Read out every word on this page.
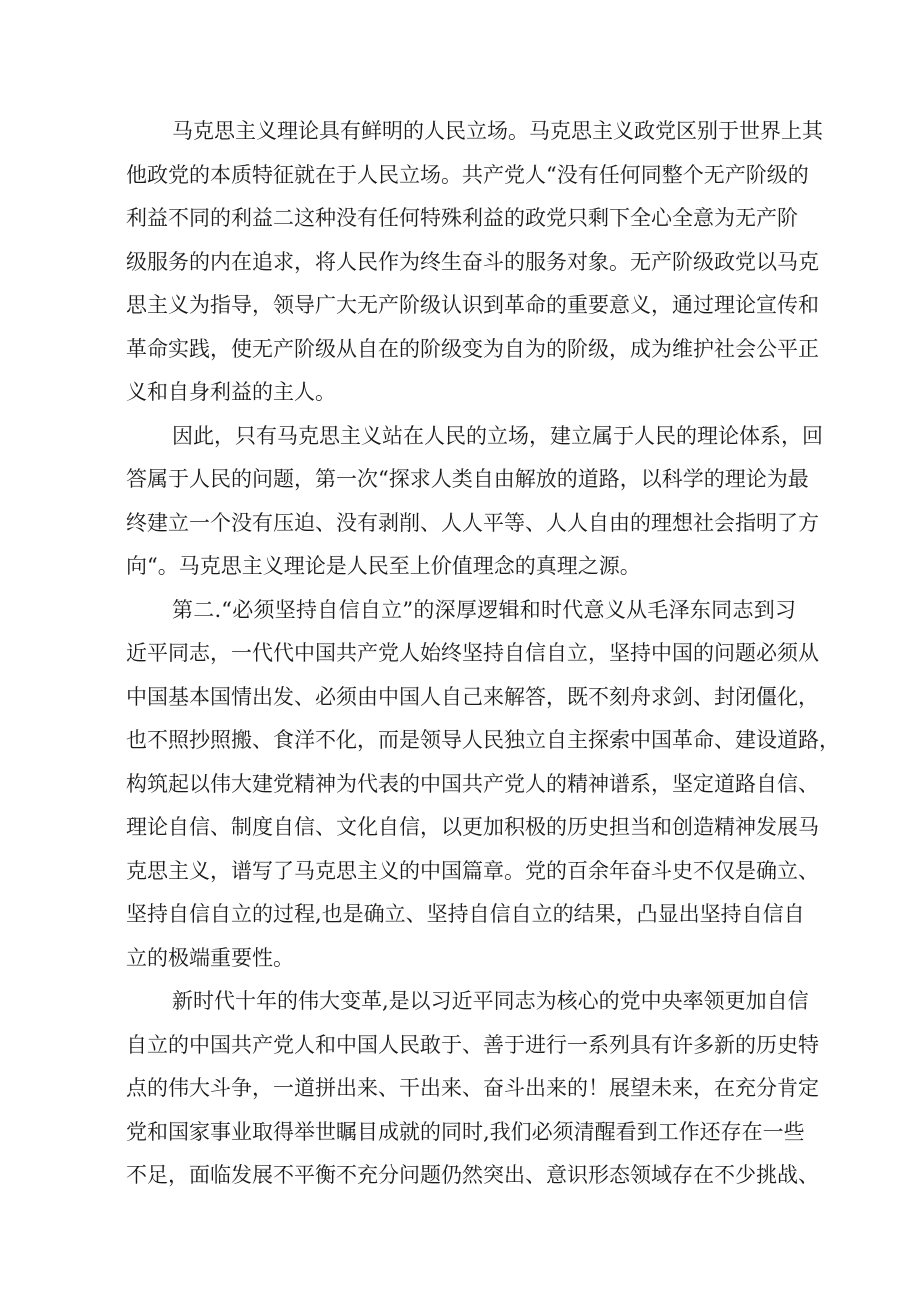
马克思主义理论具有鲜明的人民立场。马克思主义政党区别于世界上其
他政党的本质特征就在于人民立场。共产党人“没有任何同整个无产阶级的
利益不同的利益二这种没有任何特殊利益的政党只剩下全心全意为无产阶
级服务的内在追求，将人民作为终生奋斗的服务对象。无产阶级政党以马克
思主义为指导，领导广大无产阶级认识到革命的重要意义，通过理论宣传和
革命实践，使无产阶级从自在的阶级变为自为的阶级，成为维护社会公平正
义和自身利益的主人。
因此，只有马克思主义站在人民的立场，建立属于人民的理论体系，回
答属于人民的问题，第一次“探求人类自由解放的道路，以科学的理论为最
终建立一个没有压迫、没有剥削、人人平等、人人自由的理想社会指明了方
向“。马克思主义理论是人民至上价值理念的真理之源。
第二.“必须坚持自信自立”的深厚逻辑和时代意义从毛泽东同志到习
近平同志，一代代中国共产党人始终坚持自信自立，坚持中国的问题必须从
中国基本国情出发、必须由中国人自己来解答，既不刻舟求剑、封闭僵化，
也不照抄照搬、食洋不化，而是领导人民独立自主探索中国革命、建设道路，
构筑起以伟大建党精神为代表的中国共产党人的精神谱系，坚定道路自信、
理论自信、制度自信、文化自信，以更加积极的历史担当和创造精神发展马
克思主义，谱写了马克思主义的中国篇章。党的百余年奋斗史不仅是确立、
坚持自信自立的过程,也是确立、坚持自信自立的结果，凸显出坚持自信自
立的极端重要性。
新时代十年的伟大变革,是以习近平同志为核心的党中央率领更加自信
自立的中国共产党人和中国人民敢于、善于进行一系列具有许多新的历史特
点的伟大斗争，一道拼出来、干出来、奋斗出来的！展望未来，在充分肯定
党和国家事业取得举世瞩目成就的同时,我们必须清醒看到工作还存在一些
不足，面临发展不平衡不充分问题仍然突出、意识形态领域存在不少挑战、
